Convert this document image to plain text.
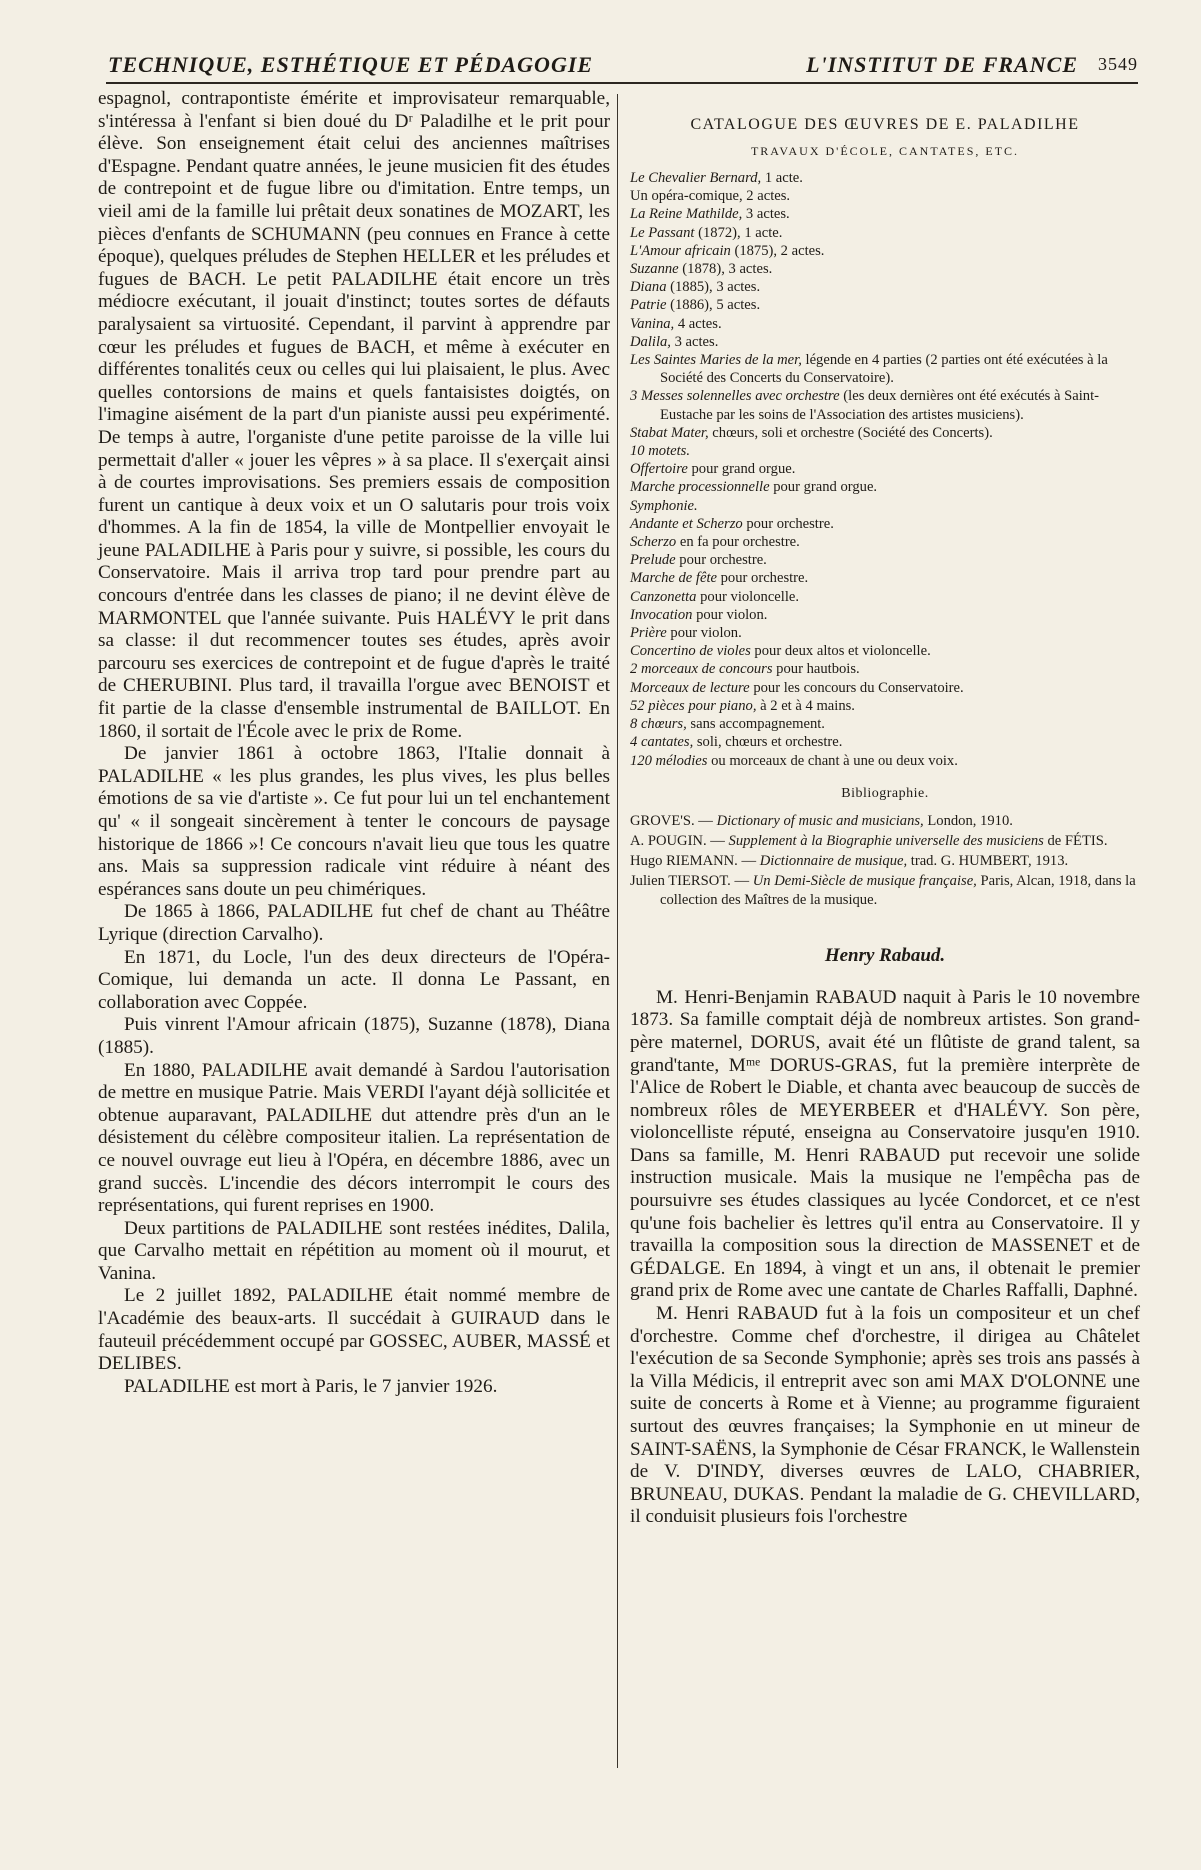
TECHNIQUE, ESTHÉTIQUE ET PÉDAGOGIE	L'INSTITUT DE FRANCE 3549

espagnol, contrapontiste émérite et improvisateur remarquable, s'intéressa à l'enfant si bien doué du Dʳ Paladilhe et le prit pour élève. Son enseignement était celui des anciennes maîtrises d'Espagne. Pendant quatre années, le jeune musicien fit des études de contrepoint et de fugue libre ou d'imitation. Entre temps, un vieil ami de la famille lui prêtait deux sonatines de MOZART, les pièces d'enfants de SCHUMANN (peu connues en France à cette époque), quelques préludes de Stephen HELLER et les préludes et fugues de BACH. Le petit PALADILHE était encore un très médiocre exécutant, il jouait d'instinct; toutes sortes de défauts paralysaient sa virtuosité. Cependant, il parvint à apprendre par cœur les préludes et fugues de BACH, et même à exécuter en différentes tonalités ceux ou celles qui lui plaisaient, le plus. Avec quelles contorsions de mains et quels fantaisistes doigtés, on l'imagine aisément de la part d'un pianiste aussi peu expérimenté. De temps à autre, l'organiste d'une petite paroisse de la ville lui permettait d'aller « jouer les vêpres » à sa place. Il s'exerçait ainsi à de courtes improvisations. Ses premiers essais de composition furent un cantique à deux voix et un O salutaris pour trois voix d'hommes. A la fin de 1854, la ville de Montpellier envoyait le jeune PALADILHE à Paris pour y suivre, si possible, les cours du Conservatoire. Mais il arriva trop tard pour prendre part au concours d'entrée dans les classes de piano; il ne devint élève de MARMONTEL que l'année suivante. Puis HALÉVY le prit dans sa classe: il dut recommencer toutes ses études, après avoir parcouru ses exercices de contrepoint et de fugue d'après le traité de CHERUBINI. Plus tard, il travailla l'orgue avec BENOIST et fit partie de la classe d'ensemble instrumental de BAILLOT. En 1860, il sortait de l'École avec le prix de Rome.

De janvier 1861 à octobre 1863, l'Italie donnait à PALADILHE « les plus grandes, les plus vives, les plus belles émotions de sa vie d'artiste ». Ce fut pour lui un tel enchantement qu' « il songeait sincèrement à tenter le concours de paysage historique de 1866 »! Ce concours n'avait lieu que tous les quatre ans. Mais sa suppression radicale vint réduire à néant des espérances sans doute un peu chimériques.

De 1865 à 1866, PALADILHE fut chef de chant au Théâtre Lyrique (direction Carvalho).

En 1871, du Locle, l'un des deux directeurs de l'Opéra-Comique, lui demanda un acte. Il donna Le Passant, en collaboration avec Coppée.

Puis vinrent l'Amour africain (1875), Suzanne (1878), Diana (1885).

En 1880, PALADILHE avait demandé à Sardou l'autorisation de mettre en musique Patrie. Mais VERDI l'ayant déjà sollicitée et obtenue auparavant, PALADILHE dut attendre près d'un an le désistement du célèbre compositeur italien. La représentation de ce nouvel ouvrage eut lieu à l'Opéra, en décembre 1886, avec un grand succès. L'incendie des décors interrompit le cours des représentations, qui furent reprises en 1900.

Deux partitions de PALADILHE sont restées inédites, Dalila, que Carvalho mettait en répétition au moment où il mourut, et Vanina.

Le 2 juillet 1892, PALADILHE était nommé membre de l'Académie des beaux-arts. Il succédait à GUIRAUD dans le fauteuil précédemment occupé par GOSSEC, AUBER, MASSÉ et DELIBES.

PALADILHE est mort à Paris, le 7 janvier 1926.

CATALOGUE DES ŒUVRES DE E. PALADILHE
TRAVAUX D'ÉCOLE, CANTATES, ETC.
Le Chevalier Bernard, 1 acte.
Un opéra-comique, 2 actes.
La Reine Mathilde, 3 actes.
Le Passant (1872), 1 acte.
L'Amour africain (1875), 2 actes.
Suzanne (1878), 3 actes.
Diana (1885), 3 actes.
Patrie (1886), 5 actes.
Vanina, 4 actes.
Dalila, 3 actes.
Les Saintes Maries de la mer, légende en 4 parties (2 parties ont été exécutées à la Société des Concerts du Conservatoire).
3 Messes solennelles avec orchestre (les deux dernières ont été exécutés à Saint-Eustache par les soins de l'Association des artistes musiciens).
Stabat Mater, chœurs, soli et orchestre (Société des Concerts).
10 motets.
Offertoire pour grand orgue.
Marche processionnelle pour grand orgue.
Symphonie.
Andante et Scherzo pour orchestre.
Scherzo en fa pour orchestre.
Prelude pour orchestre.
Marche de fête pour orchestre.
Canzonetta pour violoncelle.
Invocation pour violon.
Prière pour violon.
Concertino de violes pour deux altos et violoncelle.
2 morceaux de concours pour hautbois.
Morceaux de lecture pour les concours du Conservatoire.
52 pièces pour piano, à 2 et à 4 mains.
8 chœurs, sans accompagnement.
4 cantates, soli, chœurs et orchestre.
120 mélodies ou morceaux de chant à une ou deux voix.
Bibliographie.
GROVE'S. — Dictionary of music and musicians, London, 1910.
A. POUGIN. — Supplement à la Biographie universelle des musiciens de FÉTIS.
Hugo RIEMANN. — Dictionnaire de musique, trad. G. HUMBERT, 1913.
Julien TIERSOT. — Un Demi-Siècle de musique française, Paris, Alcan, 1918, dans la collection des Maîtres de la musique.
Henry Rabaud.

M. Henri-Benjamin RABAUD naquit à Paris le 10 novembre 1873. Sa famille comptait déjà de nombreux artistes. Son grand-père maternel, DORUS, avait été un flûtiste de grand talent, sa grand'tante, Mᵐᵉ DORUS-GRAS, fut la première interprète de l'Alice de Robert le Diable, et chanta avec beaucoup de succès de nombreux rôles de MEYERBEER et d'HALÉVY. Son père, violoncelliste réputé, enseigna au Conservatoire jusqu'en 1910. Dans sa famille, M. Henri RABAUD put recevoir une solide instruction musicale. Mais la musique ne l'empêcha pas de poursuivre ses études classiques au lycée Condorcet, et ce n'est qu'une fois bachelier ès lettres qu'il entra au Conservatoire. Il y travailla la composition sous la direction de MASSENET et de GÉDALGE. En 1894, à vingt et un ans, il obtenait le premier grand prix de Rome avec une cantate de Charles Raffalli, Daphné.

M. Henri RABAUD fut à la fois un compositeur et un chef d'orchestre. Comme chef d'orchestre, il dirigea au Châtelet l'exécution de sa Seconde Symphonie; après ses trois ans passés à la Villa Médicis, il entreprit avec son ami MAX D'OLONNE une suite de concerts à Rome et à Vienne; au programme figuraient surtout des œuvres françaises; la Symphonie en ut mineur de SAINT-SAËNS, la Symphonie de César FRANCK, le Wallenstein de V. D'INDY, diverses œuvres de LALO, CHABRIER, BRUNEAU, DUKAS. Pendant la maladie de G. CHEVILLARD, il conduisit plusieurs fois l'orchestre
